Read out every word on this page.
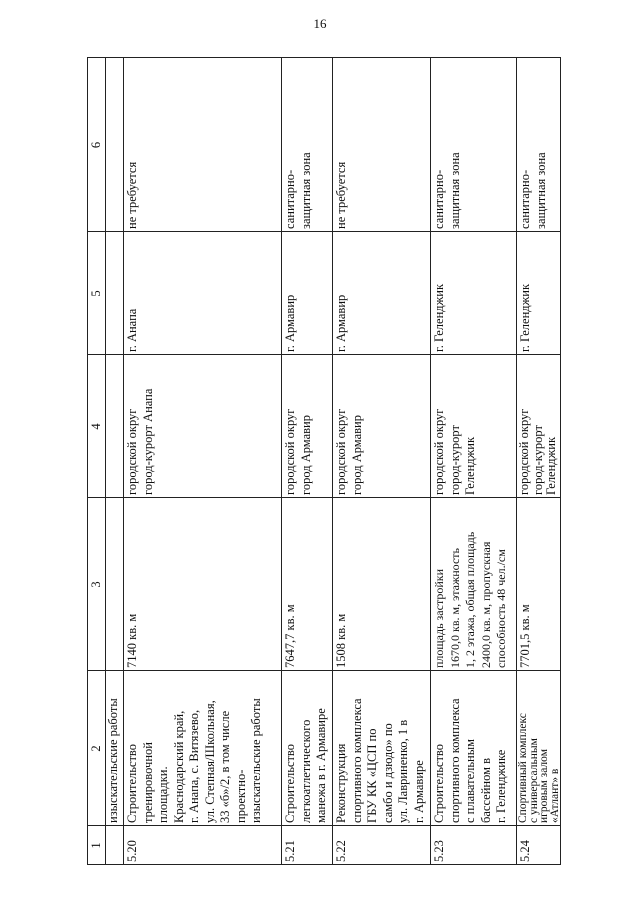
16
1
2
3
4
5
6
изыскательские работы
5.20
Строительство
тренировочной
площадки.
Краснодарский край,
г. Анапа, с. Витязево,
ул. Степная/Школьная,
33 «б»/2, в том числе
проектно-
изыскательские работы
7140 кв. м
городской округ
город-курорт Анапа
г. Анапа
не требуется
5.21
Строительство
легкоатлетического
манежа в г. Армавире
7647,7 кв. м
городской округ
город Армавир
г. Армавир
санитарно-
защитная зона
5.22
Реконструкция
спортивного комплекса
ГБУ КК «ЦСП по
самбо и дзюдо» по
ул. Лавриненко, 1 в
г. Армавире
1508 кв. м
городской округ
город Армавир
г. Армавир
не требуется
5.23
Строительство
спортивного комплекса
с плавательным
бассейном в
г. Геленджике
площадь застройки
1670,0 кв. м, этажность
1, 2 этажа, общая площадь
2400,0 кв. м, пропускная
способность 48 чел./см
городской округ
город-курорт
Геленджик
г. Геленджик
санитарно-
защитная зона
5.24
Спортивный комплекс
с универсальным
игровым залом
«Атлант» в
7701,5 кв. м
городской округ
город-курорт
Геленджик
г. Геленджик
санитарно-
защитная зона
